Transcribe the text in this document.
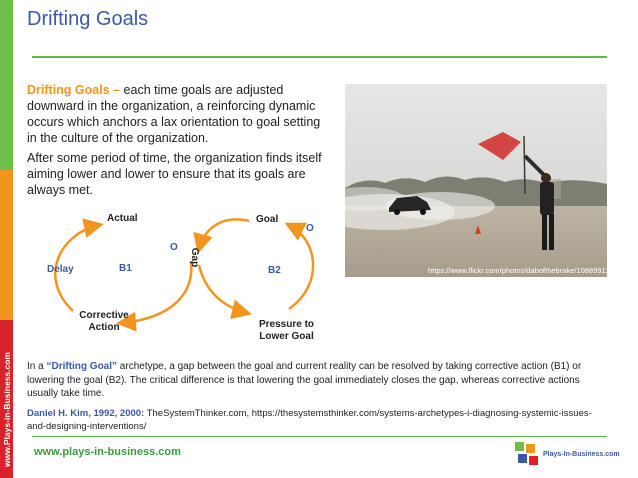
www.Plays-in-Business.com
Drifting Goals
Drifting Goals – each time goals are adjusted downward in the organization, a reinforcing dynamic occurs which anchors a lax orientation to goal setting in the culture of the organization.
After some period of time, the organization finds itself aiming lower and lower to ensure that its goals are always met.
https://www.flickr.com/photos/dabofthebrake/10889911323/
Actual	Goal
O
O
Gap
Delay	B1	B2
Corrective Action	Pressure to Lower Goal
In a “Drifting Goal” archetype, a gap between the goal and current reality can be resolved by taking corrective action (B1) or lowering the goal (B2). The critical difference is that lowering the goal immediately closes the gap, whereas corrective actions usually take time.
Daniel H. Kim, 1992, 2000: TheSystemThinker.com, https://thesystemsthinker.com/systems-archetypes-i-diagnosing-systemic-issues-and-designing-interventions/
www.plays-in-business.com	Plays-In-Business.com
